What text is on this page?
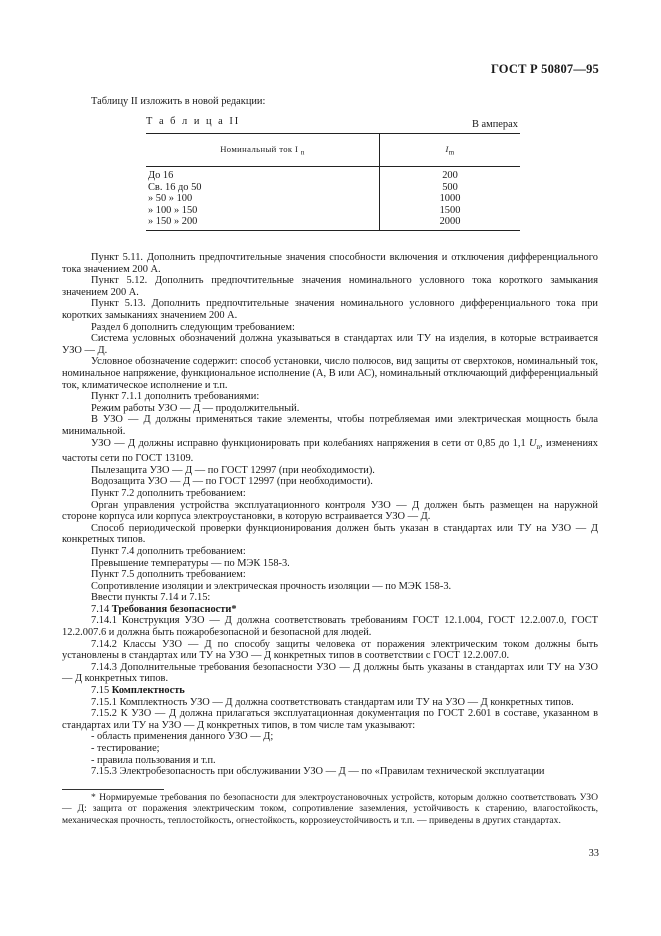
ГОСТ Р 50807—95
Таблицу II изложить в новой редакции:
Т а б л и ц а II	В амперах
Номинальный ток I $_n$	$I_m$
До 16	200
Св. 16 до 50	500
» 50 » 100	1000
» 100 » 150	1500
» 150 » 200	2000

Пункт 5.11. Дополнить предпочтительные значения способности включения и отключения дифференциального тока значением 200 А.

Пункт 5.12. Дополнить предпочтительные значения номинального условного тока короткого замыкания значением 200 А.

Пункт 5.13. Дополнить предпочтительные значения номинального условного дифференциального тока при коротких замыканиях значением 200 А.

Раздел 6 дополнить следующим требованием:

Система условных обозначений должна указываться в стандартах или ТУ на изделия, в которые встраивается УЗО — Д.

Условное обозначение содержит: способ установки, число полюсов, вид защиты от сверхтоков, номинальный ток, номинальное напряжение, функциональное исполнение (А, В или АС), номинальный отключающий дифференциальный ток, климатическое исполнение и т.п.

Пункт 7.1.1 дополнить требованиями:

Режим работы УЗО — Д — продолжительный.

В УЗО — Д должны применяться такие элементы, чтобы потребляемая ими электрическая мощность была минимальной.

УЗО — Д должны исправно функционировать при колебаниях напряжения в сети от 0,85 до 1,1 $U_n$, изменениях частоты сети по ГОСТ 13109.

Пылезащита УЗО — Д — по ГОСТ 12997 (при необходимости).

Водозащита УЗО — Д — по ГОСТ 12997 (при необходимости).

Пункт 7.2 дополнить требованием:

Орган управления устройства эксплуатационного контроля УЗО — Д должен быть размещен на наружной стороне корпуса или корпуса электроустановки, в которую встраивается УЗО — Д.

Способ периодической проверки функционирования должен быть указан в стандартах или ТУ на УЗО — Д конкретных типов.

Пункт 7.4 дополнить требованием:

Превышение температуры — по МЭК 158-3.

Пункт 7.5 дополнить требованием:

Сопротивление изоляции и электрическая прочность изоляции — по МЭК 158-3.

Ввести пункты 7.14 и 7.15:

7.14 Требования безопасности*

7.14.1 Конструкция УЗО — Д должна соответствовать требованиям ГОСТ 12.1.004, ГОСТ 12.2.007.0, ГОСТ 12.2.007.6 и должна быть пожаробезопасной и безопасной для людей.

7.14.2 Классы УЗО — Д по способу защиты человека от поражения электрическим током должны быть установлены в стандартах или ТУ на УЗО — Д конкретных типов в соответствии с ГОСТ 12.2.007.0.

7.14.3 Дополнительные требования безопасности УЗО — Д должны быть указаны в стандартах или ТУ на УЗО — Д конкретных типов.

7.15 Комплектность

7.15.1 Комплектность УЗО — Д должна соответствовать стандартам или ТУ на УЗО — Д конкретных типов.

7.15.2 К УЗО — Д должна прилагаться эксплуатационная документация по ГОСТ 2.601 в составе, указанном в стандартах или ТУ на УЗО — Д конкретных типов, в том числе там указывают:

- область применения данного УЗО — Д;

- тестирование;

- правила пользования и т.п.

7.15.3 Электробезопасность при обслуживании УЗО — Д — по «Правилам технической эксплуатации

* Нормируемые требования по безопасности для электроустановочных устройств, которым должно соответствовать УЗО — Д: защита от поражения электрическим током, сопротивление заземления, устойчивость к старению, влагостойкость, механическая прочность, теплостойкость, огнестойкость, коррозиеустойчивость и т.п. — приведены в других стандартах.

33
